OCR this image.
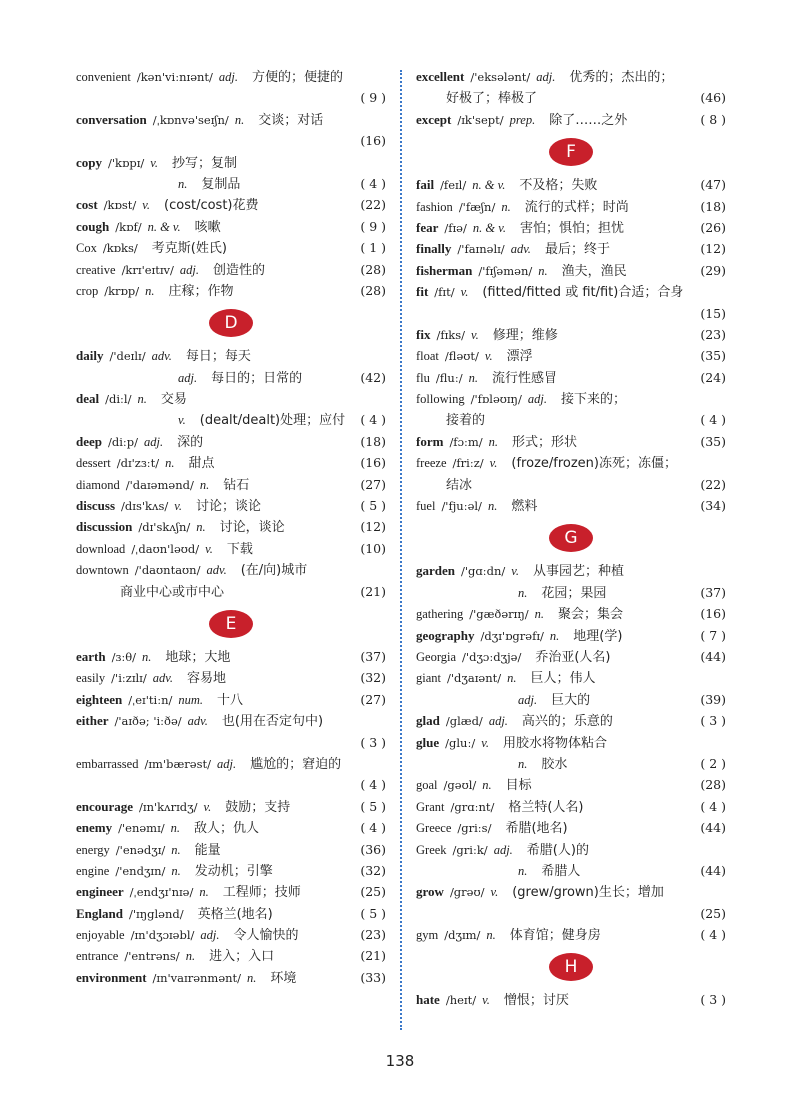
convenient /kən'viːnɪənt/ adj. 方便的；便捷的
( 9 )
conversation /ˌkɒnvə'seɪʃn/ n. 交谈；对话
(16)
copy /'kɒpɪ/ v. 抄写；复制
n. 复制品	( 4 )
cost /kɒst/ v. (cost/cost)花费	(22)
cough /kɒf/ n. & v. 咳嗽	( 9 )
Cox /kɒks/ 考克斯(姓氏)	( 1 )
creative /krɪ'eɪtɪv/ adj. 创造性的	(28)
crop /krɒp/ n. 庄稼；作物	(28)
D
daily /'deɪlɪ/ adv. 每日；每天
adj. 每日的；日常的	(42)
deal /diːl/ n. 交易
v. (dealt/dealt)处理；应付 ( 4 )
deep /diːp/ adj. 深的	(18)
dessert /dɪ'zɜːt/ n. 甜点	(16)
diamond /'daɪəmənd/ n. 钻石	(27)
discuss /dɪs'kʌs/ v. 讨论；谈论	( 5 )
discussion /dɪ'skʌʃn/ n. 讨论，谈论	(12)
download /ˌdaʊn'ləʊd/ v. 下载	(10)
downtown /'daʊntaʊn/ adv. (在/向)城市
商业中心或市中心	(21)
E
earth /ɜːθ/ n. 地球；大地	(37)
easily /'iːzɪlɪ/ adv. 容易地	(32)
eighteen /ˌeɪ'tiːn/ num. 十八	(27)
either /'aɪðə; 'iːðə/ adv. 也(用在否定句中)
( 3 )
embarrassed /ɪm'bærəst/ adj. 尴尬的；窘迫的
( 4 )
encourage /ɪn'kʌrɪdʒ/ v. 鼓励；支持	( 5 )
enemy /'enəmɪ/ n. 敌人；仇人	( 4 )
energy /'enədʒɪ/ n. 能量	(36)
engine /'endʒɪn/ n. 发动机；引擎	(32)
engineer /ˌendʒɪ'nɪə/ n. 工程师；技师	(25)
England /'ɪŋglənd/ 英格兰(地名)	( 5 )
enjoyable /ɪn'dʒɔɪəbl/ adj. 令人愉快的	(23)
entrance /'entrəns/ n. 进入；入口	(21)
environment /ɪn'vaɪrənmənt/ n. 环境	(33)
excellent /'eksələnt/ adj. 优秀的；杰出的；
好极了；棒极了	(46)
except /ɪk'sept/ prep. 除了……之外	( 8 )
F
fail /feɪl/ n. & v. 不及格；失败	(47)
fashion /'fæʃn/ n. 流行的式样；时尚	(18)
fear /fɪə/ n. & v. 害怕；惧怕；担忧	(26)
finally /'faɪnəlɪ/ adv. 最后；终于	(12)
fisherman /'fɪʃəmən/ n. 渔夫，渔民	(29)
fit /fɪt/ v. (fitted/fitted 或 fit/fit)合适；合身
(15)
fix /fɪks/ v. 修理；维修	(23)
float /fləʊt/ v. 漂浮	(35)
flu /fluː/ n. 流行性感冒	(24)
following /'fɒləʊɪŋ/ adj. 接下来的；
接着的	( 4 )
form /fɔːm/ n. 形式；形状	(35)
freeze /friːz/ v. (froze/frozen)冻死；冻僵；
结冰	(22)
fuel /'fjuːəl/ n. 燃料	(34)
G
garden /'gɑːdn/ v. 从事园艺；种植
n. 花园；果园	(37)
gathering /'gæðərɪŋ/ n. 聚会；集会	(16)
geography /dʒɪ'ɒgrəfɪ/ n. 地理(学)	( 7 )
Georgia /'dʒɔːdʒjə/ 乔治亚(人名)	(44)
giant /'dʒaɪənt/ n. 巨人；伟人
adj. 巨大的	(39)
glad /glæd/ adj. 高兴的；乐意的	( 3 )
glue /gluː/ v. 用胶水将物体粘合
n. 胶水	( 2 )
goal /gəʊl/ n. 目标	(28)
Grant /grɑːnt/ 格兰特(人名)	( 4 )
Greece /griːs/ 希腊(地名)	(44)
Greek /griːk/ adj. 希腊(人)的
n. 希腊人	(44)
grow /grəʊ/ v. (grew/grown)生长；增加
(25)
gym /dʒɪm/ n. 体育馆；健身房	( 4 )
H
hate /heɪt/ v. 憎恨；讨厌	( 3 )
138
